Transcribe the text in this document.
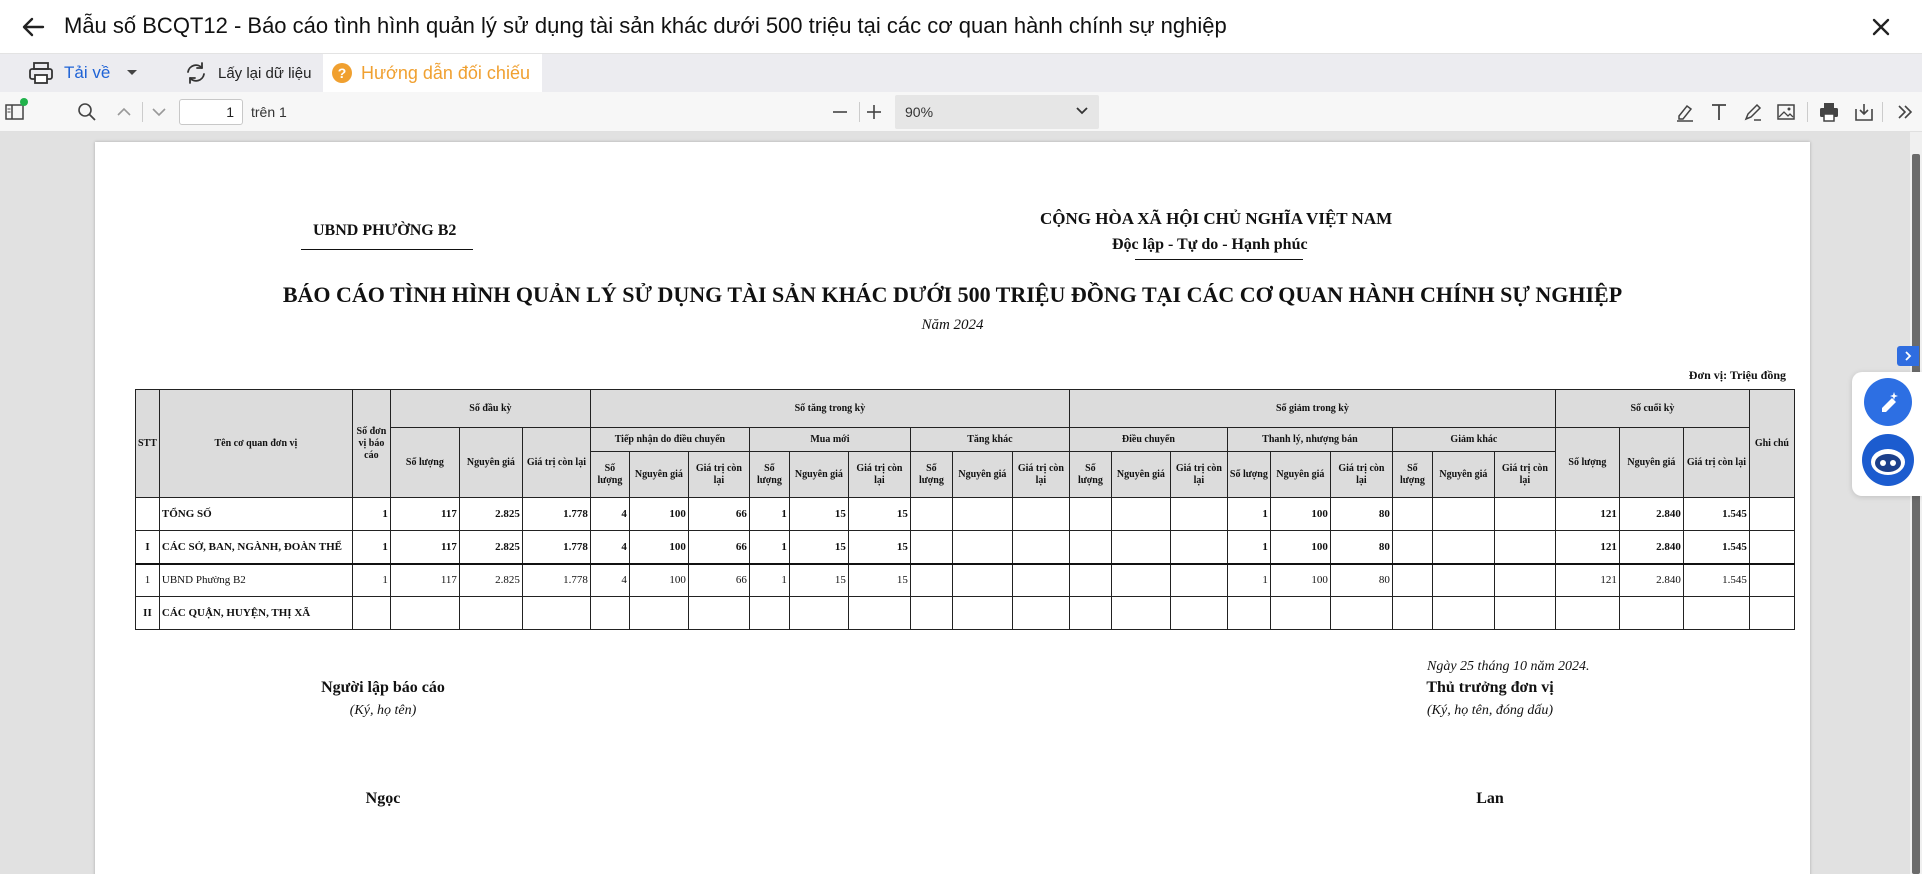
Mẫu số BCQT12 - Báo cáo tình hình quản lý sử dụng tài sản khác dưới 500 triệu tại các cơ quan hành chính sự nghiệp
Tải về	Lấy lại dữ liệu ? Hướng dẫn đối chiếu
1	trên 1	90%
UBND PHƯỜNG B2
CỘNG HÒA XÃ HỘI CHỦ NGHĨA VIỆT NAM
Độc lập - Tự do - Hạnh phúc
BÁO CÁO TÌNH HÌNH QUẢN LÝ SỬ DỤNG TÀI SẢN KHÁC DƯỚI 500 TRIỆU ĐỒNG TẠI CÁC CƠ QUAN HÀNH CHÍNH SỰ NGHIỆP
Năm 2024
Đơn vị: Triệu đồng
STT	Tên cơ quan đơn vị	Số đơn vị báo cáo	Số đầu kỳ			Số tăng trong kỳ									Số giảm trong kỳ									Số cuối kỳ			Ghi chú
			Số lượng	Nguyên giá	Giá trị còn lại	Tiếp nhận do điều chuyển			Mua mới			Tăng khác			Điều chuyển			Thanh lý, nhượng bán			Giảm khác			Số lượng	Nguyên giá	Giá trị còn lại	
						Số lượng	Nguyên giá	Giá trị còn lại	Số lượng	Nguyên giá	Giá trị còn lại	Số lượng	Nguyên giá	Giá trị còn lại	Số lượng	Nguyên giá	Giá trị còn lại	Số lượng	Nguyên giá	Giá trị còn lại	Số lượng	Nguyên giá	Giá trị còn lại				
	TỔNG SỐ	1	117	2.825	1.778	4	100	66	1	15	15							1	100	80				121	2.840	1.545	
I	CÁC SỞ, BAN, NGÀNH, ĐOÀN THỂ	1	117	2.825	1.778	4	100	66	1	15	15							1	100	80				121	2.840	1.545	
1	UBND Phường B2	1	117	2.825	1.778	4	100	66	1	15	15							1	100	80				121	2.840	1.545	
II	CÁC QUẬN, HUYỆN, THỊ XÃ																										
Ngày 25 tháng 10 năm 2024.
Người lập báo cáo
(Ký, họ tên)
Thủ trưởng đơn vị
(Ký, họ tên, đóng dấu)
Ngọc	Lan
